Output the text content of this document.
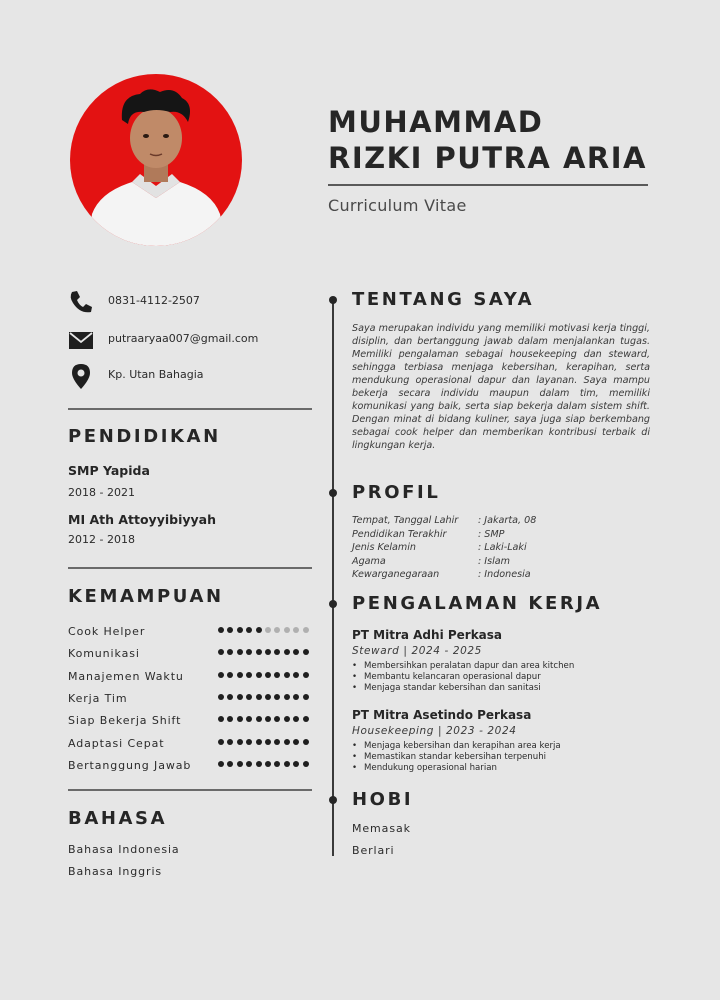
MUHAMMAD
RIZKI PUTRA ARIA
Curriculum Vitae
0831-4112-2507
putraaryaa007@gmail.com
Kp. Utan Bahagia
PENDIDIKAN
SMP Yapida
2018 - 2021
MI Ath Attoyyibiyyah
2012 - 2018
KEMAMPUAN
Cook Helper
Komunikasi
Manajemen Waktu
Kerja Tim
Siap Bekerja Shift
Adaptasi Cepat
Bertanggung Jawab
BAHASA
Bahasa Indonesia
Bahasa Inggris
TENTANG SAYA
Saya merupakan individu yang memiliki motivasi kerja tinggi, disiplin, dan bertanggung jawab dalam menjalankan tugas. Memiliki pengalaman sebagai housekeeping dan steward, sehingga terbiasa menjaga kebersihan, kerapihan, serta mendukung operasional dapur dan layanan. Saya mampu bekerja secara individu maupun dalam tim, memiliki komunikasi yang baik, serta siap bekerja dalam sistem shift. Dengan minat di bidang kuliner, saya juga siap berkembang sebagai cook helper dan memberikan kontribusi terbaik di lingkungan kerja.
PROFIL
Tempat, Tanggal Lahir : Jakarta, 08
Pendidikan Terakhir	: SMP
Jenis Kelamin	: Laki-Laki
Agama	: Islam
Kewarganegaraan	: Indonesia
PENGALAMAN KERJA
PT Mitra Adhi Perkasa
Steward | 2024 - 2025
Membersihkan peralatan dapur dan area kitchen
Membantu kelancaran operasional dapur
Menjaga standar kebersihan dan sanitasi
PT Mitra Asetindo Perkasa
Housekeeping | 2023 - 2024
Menjaga kebersihan dan kerapihan area kerja
Memastikan standar kebersihan terpenuhi
Mendukung operasional harian
HOBI
Memasak
Berlari
